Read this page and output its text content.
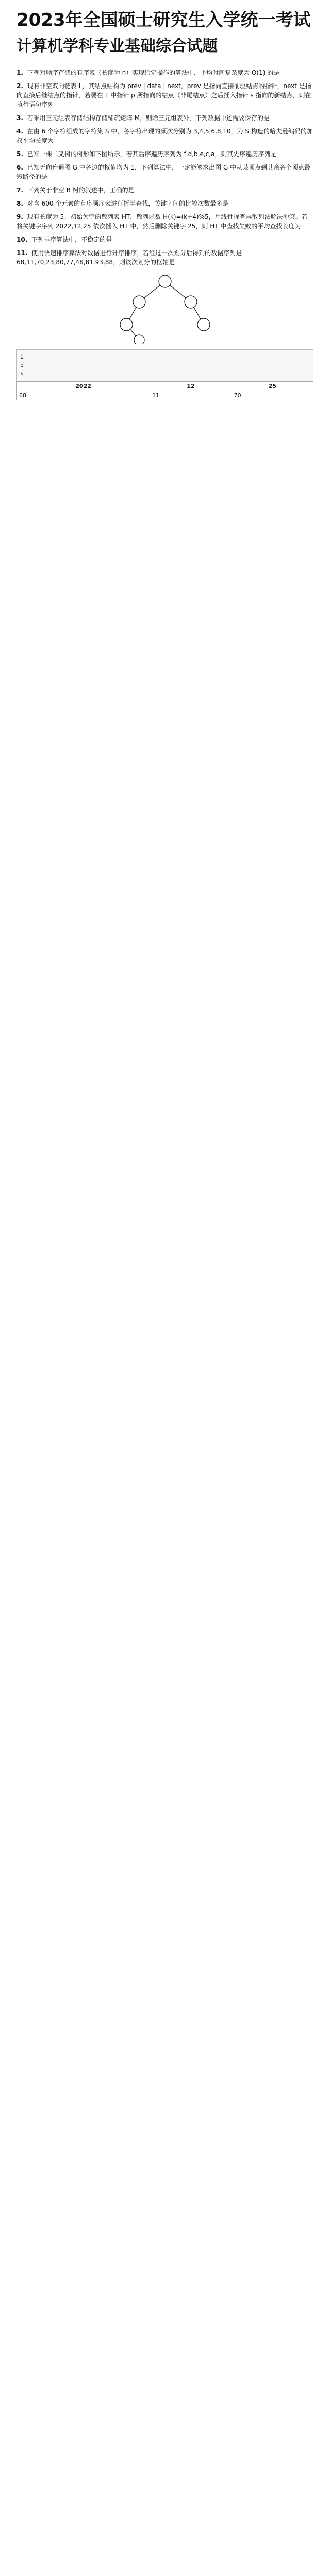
2023年全国硕士研究生入学统一考试
计算机学科专业基础综合试题
1. 下列对顺序存储的有序表（长度为 n）实现给定操作的算法中，平均时间复杂度为 O(1) 的是
2. 现有非空双向链表 L，其结点结构为 prev | data | next，prev 是指向直接前驱结点的指针，next 是指向直接后继结点的指针，若要在 L 中指针 p 所指向的结点（非尾结点）之后插入指针 s 指向的新结点，则在执行语句序列
3. 若采用三元组表存储结构存储稀疏矩阵 M，则除三元组表外，下列数据中还需要保存的是
4. 在由 6 个字符组成的字符集 S 中，各字符出现的频次分别为 3,4,5,6,8,10，为 S 构造的哈夫曼编码的加权平均长度为
5. 已知一棵二叉树的树形如下图所示，若其后序遍历序列为 f,d,b,e,c,a，则其先序遍历序列是
6. 已知无向连通图 G 中各边的权值均为 1，下列算法中，一定能够求出图 G 中从某顶点到其余各个顶点最短路径的是
7. 下列关于非空 B 树的叙述中，正确的是
8. 对含 600 个元素的有序顺序表进行折半查找，关键字间的比较次数最多是
9. 现有长度为 5、初始为空的散列表 HT，散列函数 H(k)=(k+4)%5，用线性探查再散列法解决冲突。若将关键字序列 2022,12,25 依次插入 HT 中，然后删除关键字 25，则 HT 中查找失败的平均查找长度为
10. 下列排序算法中，不稳定的是
11. 使用快速排序算法对数据进行升序排序，若经过一次划分后得到的数据序列是 68,11,70,23,80,77,48,81,93,88，则该次划分的枢轴是
L
p
s
2022	12	25
68	11	70
